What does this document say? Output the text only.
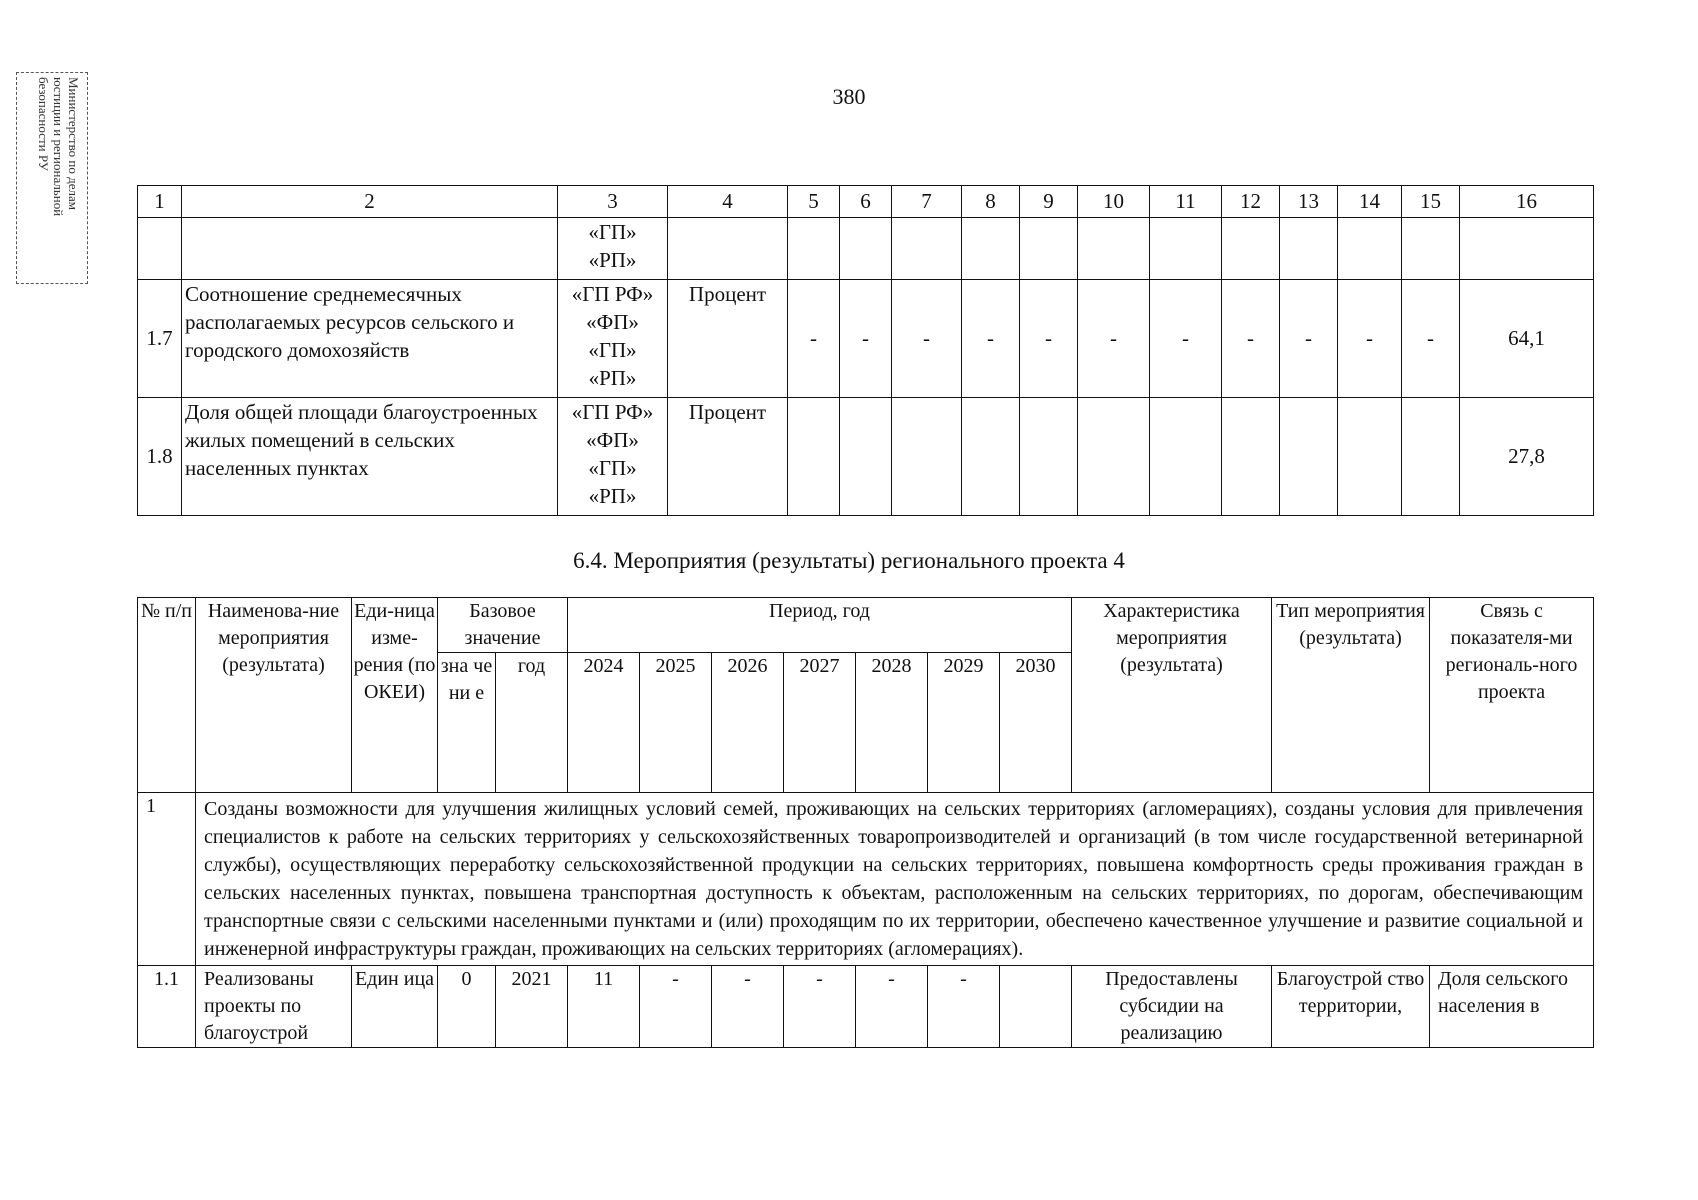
Министерство по делам
юстиции и региональной
безопасности РУ	380
1	2	3	4	5	6	7	8	9	10	11	12	13	14	15	16

		«ГП»
«РП»													

1.7	Соотношение среднемесячных располагаемых ресурсов сельского и городского домохозяйств	«ГП РФ»
«ФП»
«ГП»
«РП»	Процент	-	-	-	-	-	-	-	-	-	-	-	64,1
1.8	Доля общей площади благоустроенных жилых помещений в сельских населенных пунктах	«ГП РФ»
«ФП»
«ГП»
«РП»	Процент												27,8
6.4. Мероприятия (результаты) регионального проекта 4
№ п/п	Наименова-ние мероприятия (результата)	Еди-ница изме-рения (по ОКЕИ)	Базовое значение		Период, год							Характеристика мероприятия (результата)	Тип мероприятия (результата)	Связь с показателя-ми региональ-ного проекта
			зна че ни е	год	2024	2025	2026	2027	2028	2029	2030			
1	Созданы возможности для улучшения жилищных условий семей, проживающих на сельских территориях (агломерациях), созданы условия для привлечения специалистов к работе на сельских территориях у сельскохозяйственных товаропроизводителей и организаций (в том числе государственной ветеринарной службы), осуществляющих переработку сельскохозяйственной продукции на сельских территориях, повышена комфортность среды проживания граждан в сельских населенных пунктах, повышена транспортная доступность к объектам, расположенным на сельских территориях, по дорогам, обеспечивающим транспортные связи с сельскими населенными пунктами и (или) проходящим по их территории, обеспечено качественное улучшение и развитие социальной и инженерной инфраструктуры граждан, проживающих на сельских территориях (агломерациях).													
1.1	Реализованы проекты по благоустрой	Един ица	0	2021	11	-	-	-	-	-		Предоставлены субсидии на реализацию	Благоустрой ство территории,	Доля сельского населения в
